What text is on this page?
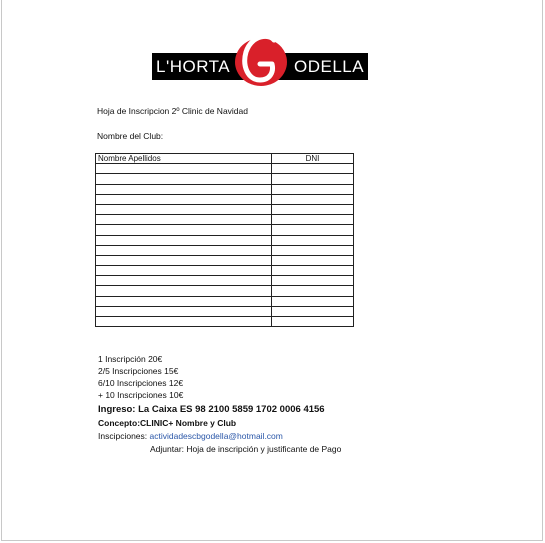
L'HORTA	ODELLA
Hoja de Inscripcion 2º Clinic de Navidad
Nombre del Club:
Nombre Apellidos	DNI

1 Inscripción 20€
2/5 Inscripciones 15€
6/10 Inscripciones 12€
+ 10 Inscripciones 10€
Ingreso: La Caixa ES 98 2100 5859 1702 0006 4156
Concepto:CLINIC+ Nombre y Club
Inscipciones: actividadescbgodella@hotmail.com
Adjuntar: Hoja de inscripción y justificante de Pago
